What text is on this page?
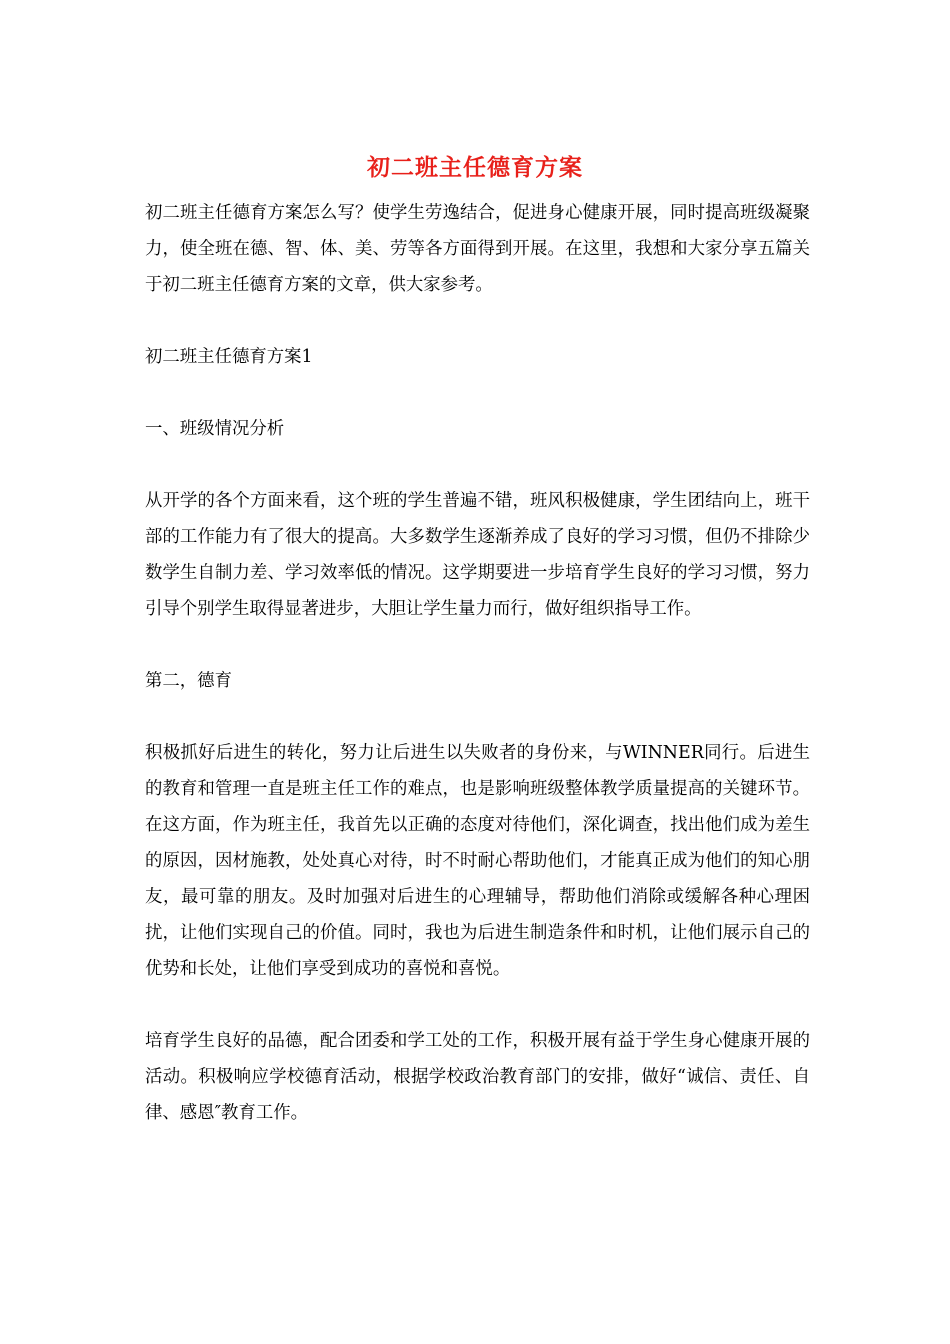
初二班主任德育方案

初二班主任德育方案怎么写？使学生劳逸结合，促进身心健康开展，同时提高班级凝聚力，使全班在德、智、体、美、劳等各方面得到开展。在这里，我想和大家分享五篇关于初二班主任德育方案的文章，供大家参考。

初二班主任德育方案1

一、班级情况分析

从开学的各个方面来看，这个班的学生普遍不错，班风积极健康，学生团结向上，班干部的工作能力有了很大的提高。大多数学生逐渐养成了良好的学习习惯，但仍不排除少数学生自制力差、学习效率低的情况。这学期要进一步培育学生良好的学习习惯，努力引导个别学生取得显著进步，大胆让学生量力而行，做好组织指导工作。

第二，德育

积极抓好后进生的转化，努力让后进生以失败者的身份来，与WINNER同行。后进生的教育和管理一直是班主任工作的难点，也是影响班级整体教学质量提高的关键环节。在这方面，作为班主任，我首先以正确的态度对待他们，深化调查，找出他们成为差生的原因，因材施教，处处真心对待，时不时耐心帮助他们，才能真正成为他们的知心朋友，最可靠的朋友。及时加强对后进生的心理辅导，帮助他们消除或缓解各种心理困扰，让他们实现自己的价值。同时，我也为后进生制造条件和时机，让他们展示自己的优势和长处，让他们享受到成功的喜悦和喜悦。

培育学生良好的品德，配合团委和学工处的工作，积极开展有益于学生身心健康开展的活动。积极响应学校德育活动，根据学校政治教育部门的安排，做好“诚信、责任、自律、感恩″教育工作。
